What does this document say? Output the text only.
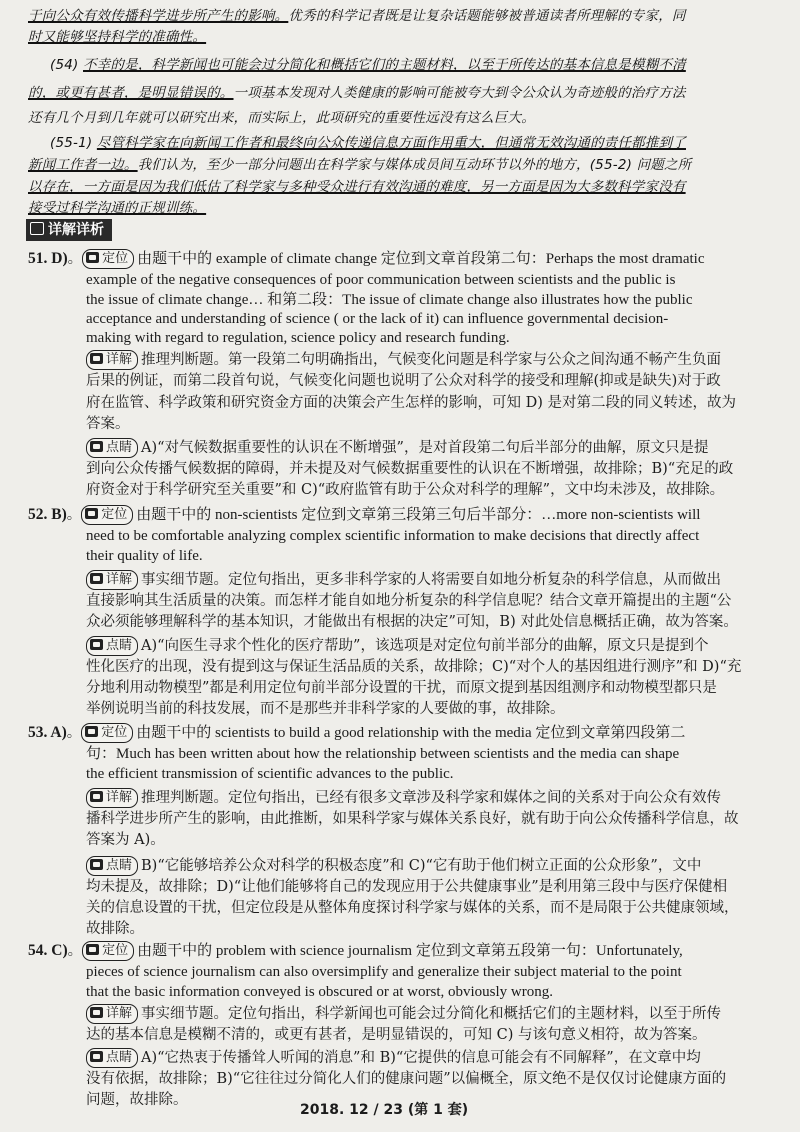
于向公众有效传播科学进步所产生的影响。优秀的科学记者既是让复杂话题能够被普通读者所理解的专家，同
时又能够坚持科学的准确性。
(54) 不幸的是，科学新闻也可能会过分简化和概括它们的主题材料，以至于所传达的基本信息是模糊不清
的，或更有甚者，是明显错误的。一项基本发现对人类健康的影响可能被夸大到令公众认为奇迹般的治疗方法
还有几个月到几年就可以研究出来，而实际上，此项研究的重要性远没有这么巨大。
(55-1) 尽管科学家在向新闻工作者和最终向公众传递信息方面作用重大，但通常无效沟通的责任都推到了
新闻工作者一边。我们认为，至少一部分问题出在科学家与媒体成员间互动环节以外的地方，(55-2) 问题之所
以存在，一方面是因为我们低估了科学家与多种受众进行有效沟通的难度，另一方面是因为大多数科学家没有
接受过科学沟通的正规训练。
详解详析
51. D)。 定位 由题干中的 example of climate change 定位到文章首段第二句：Perhaps the most dramatic
example of the negative consequences of poor communication between scientists and the public is
the issue of climate change… 和第二段：The issue of climate change also illustrates how the public
acceptance and understanding of science ( or the lack of it) can influence governmental decision-
making with regard to regulation, science policy and research funding.
详解 推理判断题。第一段第二句明确指出，气候变化问题是科学家与公众之间沟通不畅产生负面
后果的例证，而第二段首句说，气候变化问题也说明了公众对科学的接受和理解(抑或是缺失)对于政
府在监管、科学政策和研究资金方面的决策会产生怎样的影响，可知 D) 是对第二段的同义转述，故为
答案。
点睛 A)“对气候数据重要性的认识在不断增强”，是对首段第二句后半部分的曲解，原文只是提
到向公众传播气候数据的障碍，并未提及对气候数据重要性的认识在不断增强，故排除；B)“充足的政
府资金对于科学研究至关重要”和 C)“政府监管有助于公众对科学的理解”，文中均未涉及，故排除。
52. B)。 定位 由题干中的 non-scientists 定位到文章第三段第三句后半部分：…more non-scientists will
need to be comfortable analyzing complex scientific information to make decisions that directly affect
their quality of life.
详解 事实细节题。定位句指出，更多非科学家的人将需要自如地分析复杂的科学信息，从而做出
直接影响其生活质量的决策。而怎样才能自如地分析复杂的科学信息呢？结合文章开篇提出的主题“公
众必须能够理解科学的基本知识，才能做出有根据的决定”可知，B) 对此处信息概括正确，故为答案。
点睛 A)“向医生寻求个性化的医疗帮助”，该选项是对定位句前半部分的曲解，原文只是提到个
性化医疗的出现，没有提到这与保证生活品质的关系，故排除；C)“对个人的基因组进行测序”和 D)“充
分地利用动物模型”都是利用定位句前半部分设置的干扰，而原文提到基因组测序和动物模型都只是
举例说明当前的科技发展，而不是那些并非科学家的人要做的事，故排除。
53. A)。 定位 由题干中的 scientists to build a good relationship with the media 定位到文章第四段第二
句：Much has been written about how the relationship between scientists and the media can shape
the efficient transmission of scientific advances to the public.
详解 推理判断题。定位句指出，已经有很多文章涉及科学家和媒体之间的关系对于向公众有效传
播科学进步所产生的影响，由此推断，如果科学家与媒体关系良好，就有助于向公众传播科学信息，故
答案为 A)。
点睛 B)“它能够培养公众对科学的积极态度”和 C)“它有助于他们树立正面的公众形象”，文中
均未提及，故排除；D)“让他们能够将自己的发现应用于公共健康事业”是利用第三段中与医疗保健相
关的信息设置的干扰，但定位段是从整体角度探讨科学家与媒体的关系，而不是局限于公共健康领域，
故排除。
54. C)。 定位 由题干中的 problem with science journalism 定位到文章第五段第一句：Unfortunately,
pieces of science journalism can also oversimplify and generalize their subject material to the point
that the basic information conveyed is obscured or at worst, obviously wrong.
详解 事实细节题。定位句指出，科学新闻也可能会过分简化和概括它们的主题材料，以至于所传
达的基本信息是模糊不清的，或更有甚者，是明显错误的，可知 C) 与该句意义相符，故为答案。
点睛 A)“它热衷于传播耸人听闻的消息”和 B)“它提供的信息可能会有不同解释”，在文章中均
没有依据，故排除；B)“它往往过分简化人们的健康问题”以偏概全，原文绝不是仅仅讨论健康方面的
问题，故排除。
2018. 12 / 23 (第 1 套)
